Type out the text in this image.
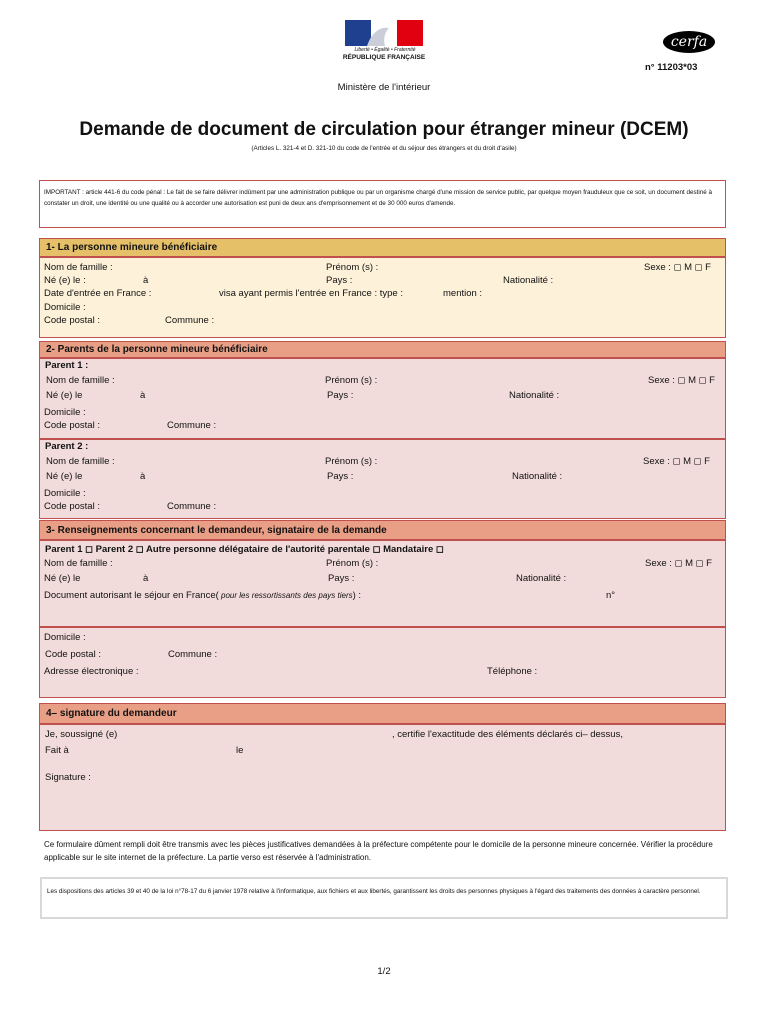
Liberté • Égalité • Fraternité
RÉPUBLIQUE FRANÇAISE
cerfa
n° 11203*03
Ministère de l'intérieur
Demande de document de circulation pour étranger mineur (DCEM)
(Articles L. 321-4 et D. 321-10 du code de l'entrée et du séjour des étrangers et du droit d'asile)
IMPORTANT : article 441-6 du code pénal : Le fait de se faire délivrer indûment par une administration publique ou par un organisme chargé d'une mission de service public, par quelque moyen frauduleux que ce soit, un document destiné à constater un droit, une identité ou une qualité ou à accorder une autorisation est puni de deux ans d'emprisonnement et de 30 000 euros d'amende.
1- La personne mineure bénéficiaire
Nom de famille :	Prénom (s) :	Sexe : ◻ M ◻ F
Né (e) le :	à	Pays :	Nationalité :
Date d'entrée en France :	visa ayant permis l'entrée en France : type :	mention :
Domicile :
Code postal :	Commune :
2- Parents de la personne mineure bénéficiaire
Parent 1 :
Nom de famille :	Prénom (s) :	Sexe : ◻ M ◻ F
Né (e) le	à	Pays :	Nationalité :
Domicile :
Code postal :	Commune :
Parent 2 :
Nom de famille :	Prénom (s) :	Sexe : ◻ M ◻ F
Né (e) le	à	Pays :	Nationalité :
Domicile :
Code postal :	Commune :
3- Renseignements concernant le demandeur, signataire de la demande
Parent 1 ◻ Parent 2 ◻ Autre personne délégataire de l'autorité parentale ◻ Mandataire ◻
Nom de famille :	Prénom (s) :	Sexe : ◻ M ◻ F
Né (e) le	à	Pays :	Nationalité :
Document autorisant le séjour en France( pour les ressortissants des pays tiers) :	n°
Domicile :
Code postal :	Commune :
Adresse électronique :	Téléphone :
4– signature du demandeur
Je, soussigné (e)	, certifie l'exactitude des éléments déclarés ci– dessus,
Fait à	le
Signature :
Ce formulaire dûment rempli doit être transmis avec les pièces justificatives demandées à la préfecture compétente pour le domicile de la personne mineure concernée. Vérifier la procédure applicable sur le site internet de la préfecture. La partie verso est réservée à l'administration.
Les dispositions des articles 39 et 40 de la loi n°78-17 du 6 janvier 1978 relative à l'informatique, aux fichiers et aux libertés, garantissent les droits des personnes physiques à l'égard des traitements des données à caractère personnel.
1/2
